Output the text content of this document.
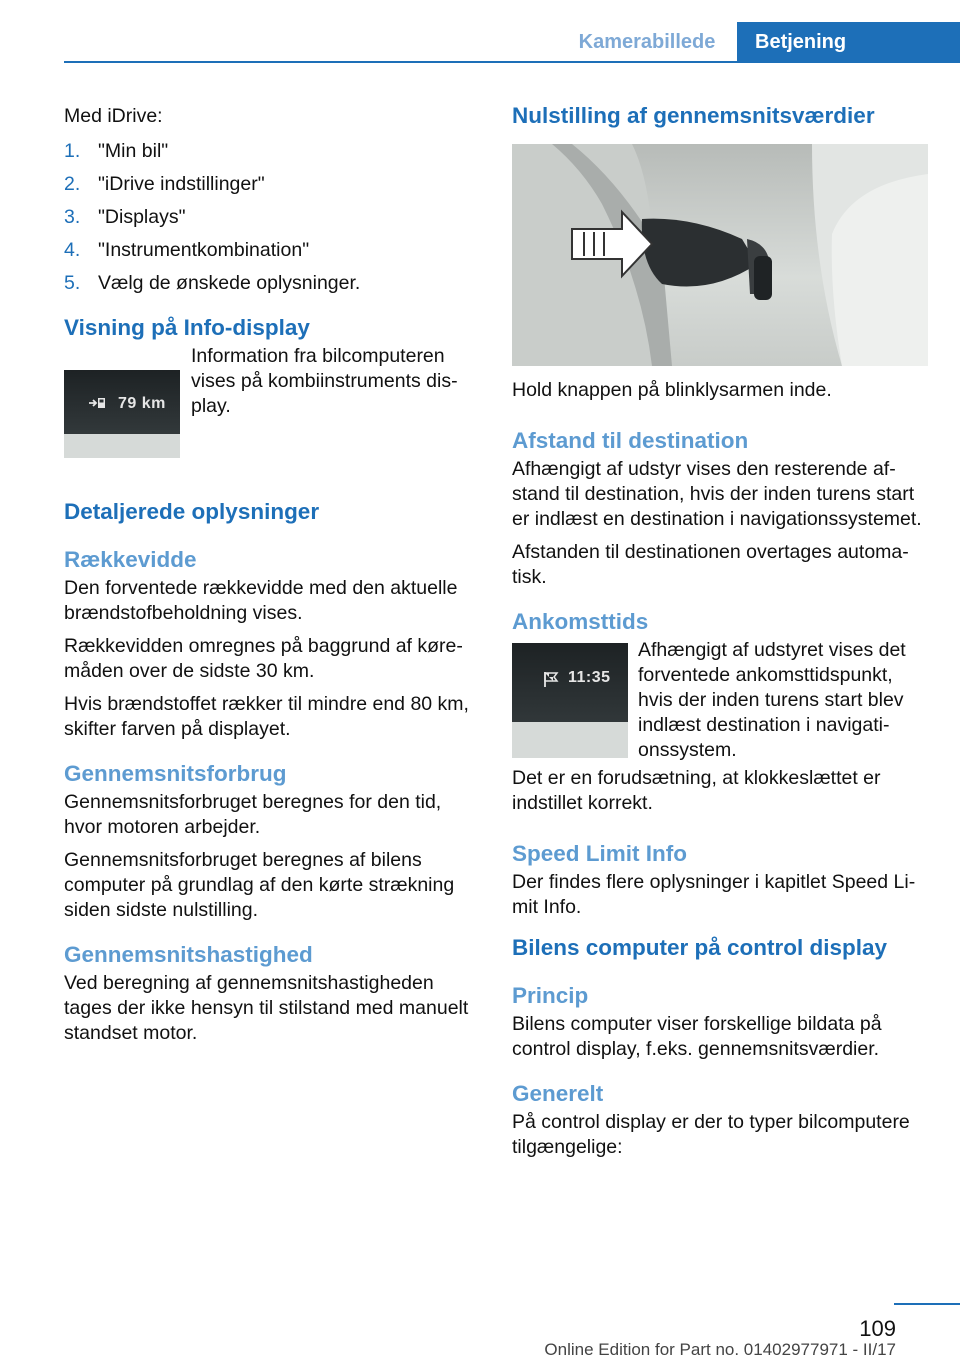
Kamerabillede	Betjening

Med iDrive:

1. "Min bil"
2. "iDrive indstillinger"
3. "Displays"
4. "Instrumentkombination"
5. Vælg de ønskede oplysninger.
Visning på Info-display
79 km

Information fra bilcomputeren vises på kombiinstruments display.

Detaljerede oplysninger
Rækkevidde

Den forventede rækkevidde med den aktuelle brændstofbeholdning vises.

Rækkevidden omregnes på baggrund af køremåden over de sidste 30 km.

Hvis brændstoffet rækker til mindre end 80 km, skifter farven på displayet.

Gennemsnitsforbrug

Gennemsnitsforbruget beregnes for den tid, hvor motoren arbejder.

Gennemsnitsforbruget beregnes af bilens computer på grundlag af den kørte strækning siden sidste nulstilling.

Gennemsnitshastighed

Ved beregning af gennemsnitshastigheden tages der ikke hensyn til stilstand med manuelt standset motor.

Nulstilling af gennemsnitsværdier

Hold knappen på blinklysarmen inde.

Afstand til destination

Afhængigt af udstyr vises den resterende afstand til destination, hvis der inden turens start er indlæst en destination i navigationssystemet.

Afstanden til destinationen overtages automatisk.

Ankomsttids
11:35

Afhængigt af udstyret vises det forventede ankomsttidspunkt, hvis der inden turens start blev indlæst destination i navigationssystem.

Det er en forudsætning, at klokkeslættet er indstillet korrekt.

Speed Limit Info

Der findes flere oplysninger i kapitlet Speed Limit Info.

Bilens computer på control display
Princip

Bilens computer viser forskellige bildata på control display, f.eks. gennemsnitsværdier.

Generelt

På control display er der to typer bilcomputere tilgængelige:

109
Online Edition for Part no. 01402977971 - II/17
